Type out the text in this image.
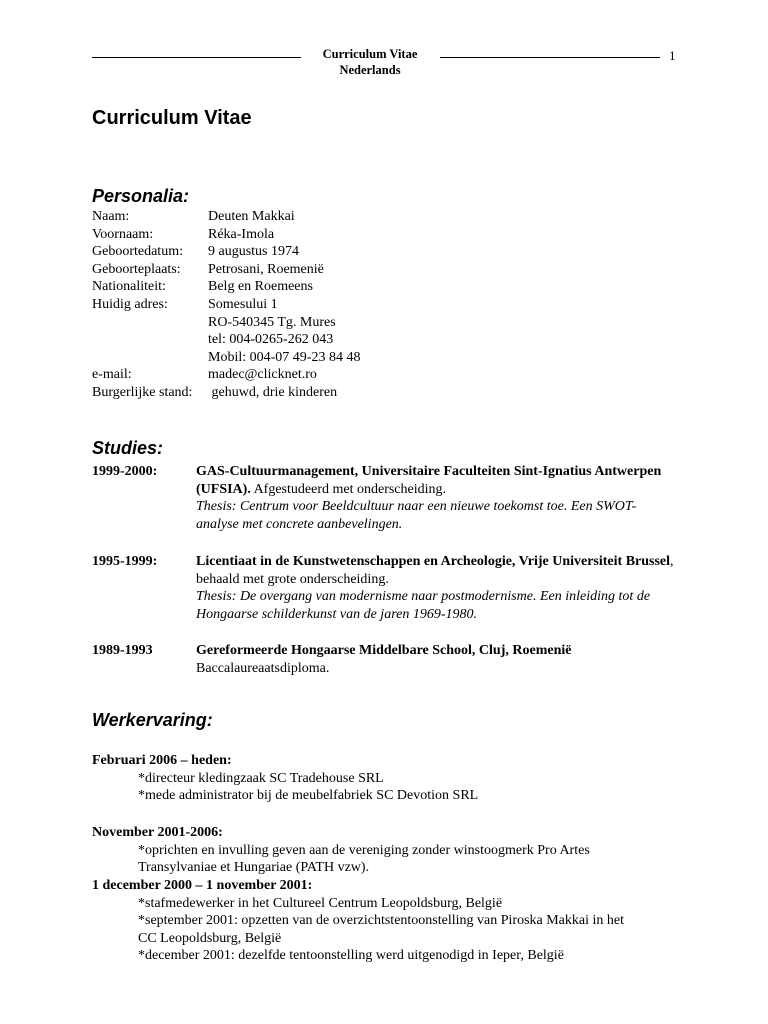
Curriculum Vitae
Nederlands
1
Curriculum Vitae
Personalia:
Naam:	Deuten Makkai
Voornaam:	Réka-Imola
Geboortedatum:	9 augustus 1974
Geboorteplaats:	Petrosani, Roemenië
Nationaliteit:	Belg en Roemeens
Huidig adres:	Somesului 1
RO-540345 Tg. Mures
tel: 004-0265-262 043
Mobil: 004-07 49-23 84 48
e-mail:	madec@clicknet.ro
Burgerlijke stand:	gehuwd, drie kinderen
Studies:
1999-2000:	GAS-Cultuurmanagement, Universitaire Faculteiten Sint-Ignatius Antwerpen (UFSIA). Afgestudeerd met onderscheiding.
Thesis: Centrum voor Beeldcultuur naar een nieuwe toekomst toe. Een SWOT-analyse met concrete aanbevelingen.
1995-1999:	Licentiaat in de Kunstwetenschappen en Archeologie, Vrije Universiteit Brussel, behaald met grote onderscheiding.
Thesis: De overgang van modernisme naar postmodernisme. Een inleiding tot de Hongaarse schilderkunst van de jaren 1969-1980.
1989-1993	Gereformeerde Hongaarse Middelbare School, Cluj, Roemenië
Baccalaureaatsdiploma.
Werkervaring:
Februari 2006 – heden:
*directeur kledingzaak SC Tradehouse SRL
*mede administrator bij de meubelfabriek SC Devotion SRL
November 2001-2006:
*oprichten en invulling geven aan de vereniging zonder winstoogmerk Pro Artes
Transylvaniae et Hungariae (PATH vzw).
1 december 2000 – 1 november 2001:
*stafmedewerker in het Cultureel Centrum Leopoldsburg, België
*september 2001: opzetten van de overzichtstentoonstelling van Piroska Makkai in het
CC Leopoldsburg, België
*december 2001: dezelfde tentoonstelling werd uitgenodigd in Ieper, België
